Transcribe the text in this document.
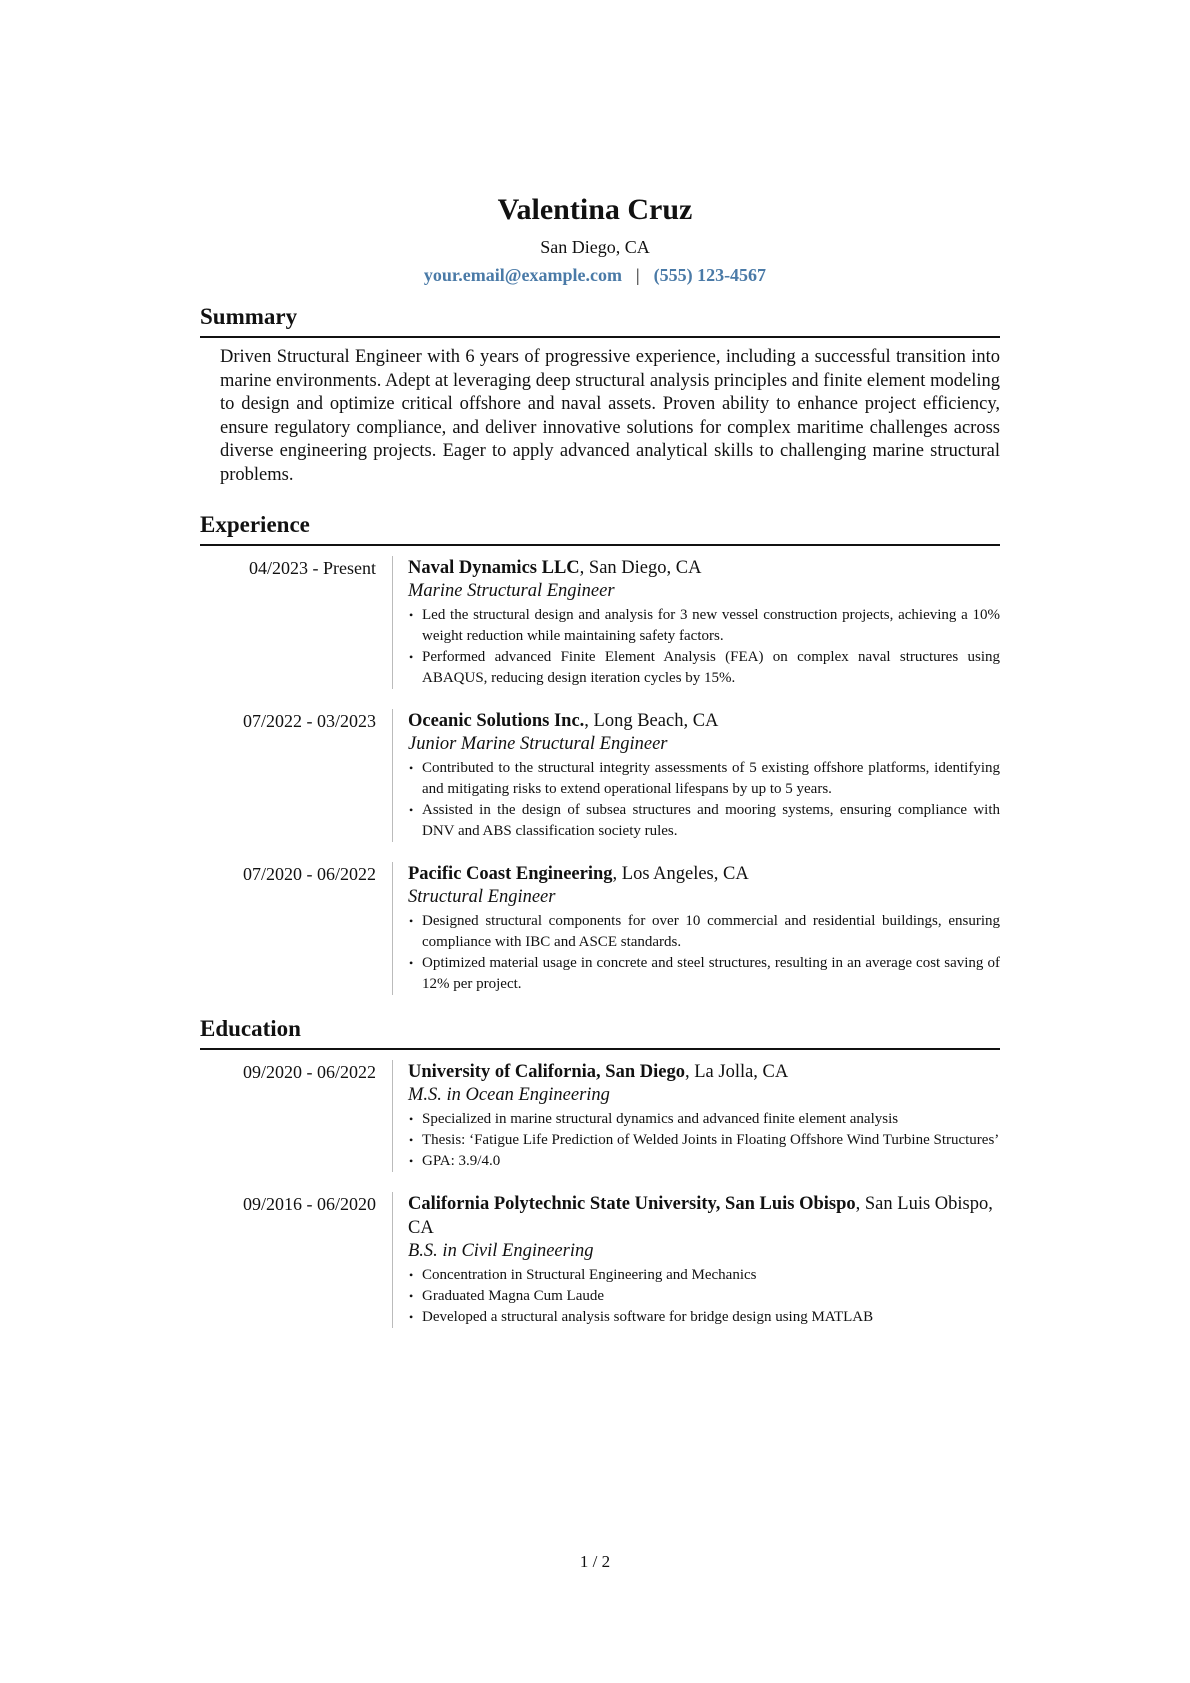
Valentina Cruz
San Diego, CA
your.email@example.com | (555) 123-4567
Summary
Driven Structural Engineer with 6 years of progressive experience, including a successful transition into marine environments. Adept at leveraging deep structural analysis principles and finite element modeling to design and optimize critical offshore and naval assets. Proven ability to enhance project efficiency, ensure regulatory compliance, and deliver innovative solutions for complex maritime challenges across diverse engineering projects. Eager to apply advanced analytical skills to challenging marine structural problems.
Experience
04/2023 - Present	Naval Dynamics LLC, San Diego, CA
Marine Structural Engineer
• Led the structural design and analysis for 3 new vessel construction projects, achieving a 10% weight reduction while maintaining safety factors.
• Performed advanced Finite Element Analysis (FEA) on complex naval structures using ABAQUS, reducing design iteration cycles by 15%.
07/2022 - 03/2023	Oceanic Solutions Inc., Long Beach, CA
Junior Marine Structural Engineer
• Contributed to the structural integrity assessments of 5 existing offshore platforms, identifying and mitigating risks to extend operational lifespans by up to 5 years.
• Assisted in the design of subsea structures and mooring systems, ensuring compliance with DNV and ABS classification society rules.
07/2020 - 06/2022	Pacific Coast Engineering, Los Angeles, CA
Structural Engineer
• Designed structural components for over 10 commercial and residential buildings, ensuring compliance with IBC and ASCE standards.
• Optimized material usage in concrete and steel structures, resulting in an average cost saving of 12% per project.
Education
09/2020 - 06/2022	University of California, San Diego, La Jolla, CA
M.S. in Ocean Engineering
• Specialized in marine structural dynamics and advanced finite element analysis
• Thesis: ‘Fatigue Life Prediction of Welded Joints in Floating Offshore Wind Turbine Structures’
• GPA: 3.9/4.0
09/2016 - 06/2020	California Polytechnic State University, San Luis Obispo, San Luis Obispo, CA
B.S. in Civil Engineering
• Concentration in Structural Engineering and Mechanics
• Graduated Magna Cum Laude
• Developed a structural analysis software for bridge design using MATLAB
1 / 2
